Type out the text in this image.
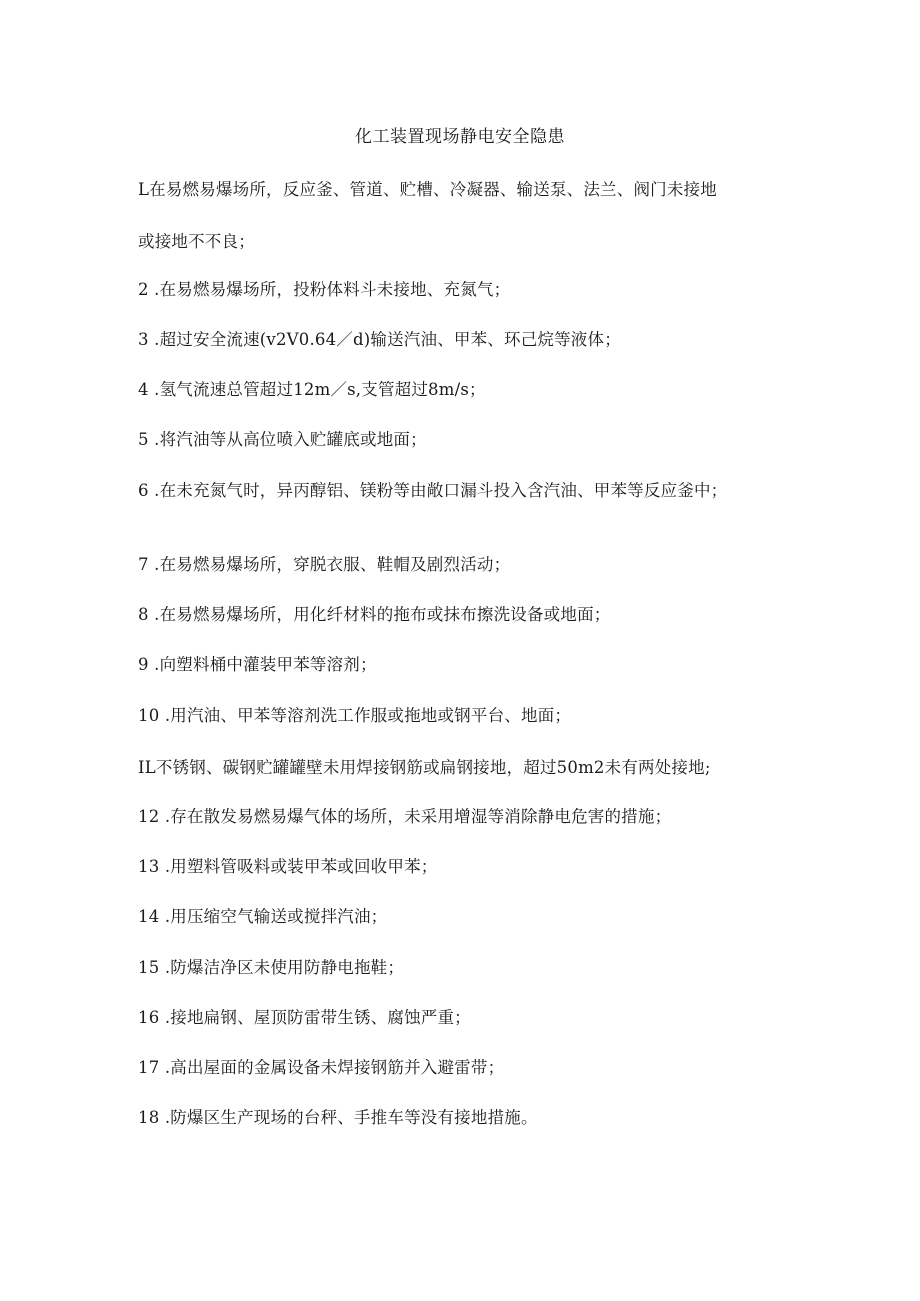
化工装置现场静电安全隐患
L在易燃易爆场所，反应釜、管道、贮槽、冷凝器、输送泵、法兰、阀门未接地
或接地不不良；
2 .在易燃易爆场所，投粉体料斗未接地、充氮气；
3 .超过安全流速(v2V0.64／d)输送汽油、甲苯、环己烷等液体；
4 .氢气流速总管超过12m／s,支管超过8m/s；
5 .将汽油等从高位喷入贮罐底或地面；
6 .在未充氮气时，异丙醇铝、镁粉等由敞口漏斗投入含汽油、甲苯等反应釜中；
7 .在易燃易爆场所，穿脱衣服、鞋帽及剧烈活动；
8 .在易燃易爆场所，用化纤材料的拖布或抹布擦洗设备或地面；
9 .向塑料桶中灌装甲苯等溶剂；
10 .用汽油、甲苯等溶剂洗工作服或拖地或钢平台、地面；
IL不锈钢、碳钢贮罐罐壁未用焊接钢筋或扁钢接地，超过50m2未有两处接地;
12 .存在散发易燃易爆气体的场所，未采用增湿等消除静电危害的措施；
13 .用塑料管吸料或装甲苯或回收甲苯；
14 .用压缩空气输送或搅拌汽油；
15 .防爆洁净区未使用防静电拖鞋；
16 .接地扁钢、屋顶防雷带生锈、腐蚀严重；
17 .高出屋面的金属设备未焊接钢筋并入避雷带；
18 .防爆区生产现场的台秤、手推车等没有接地措施。
